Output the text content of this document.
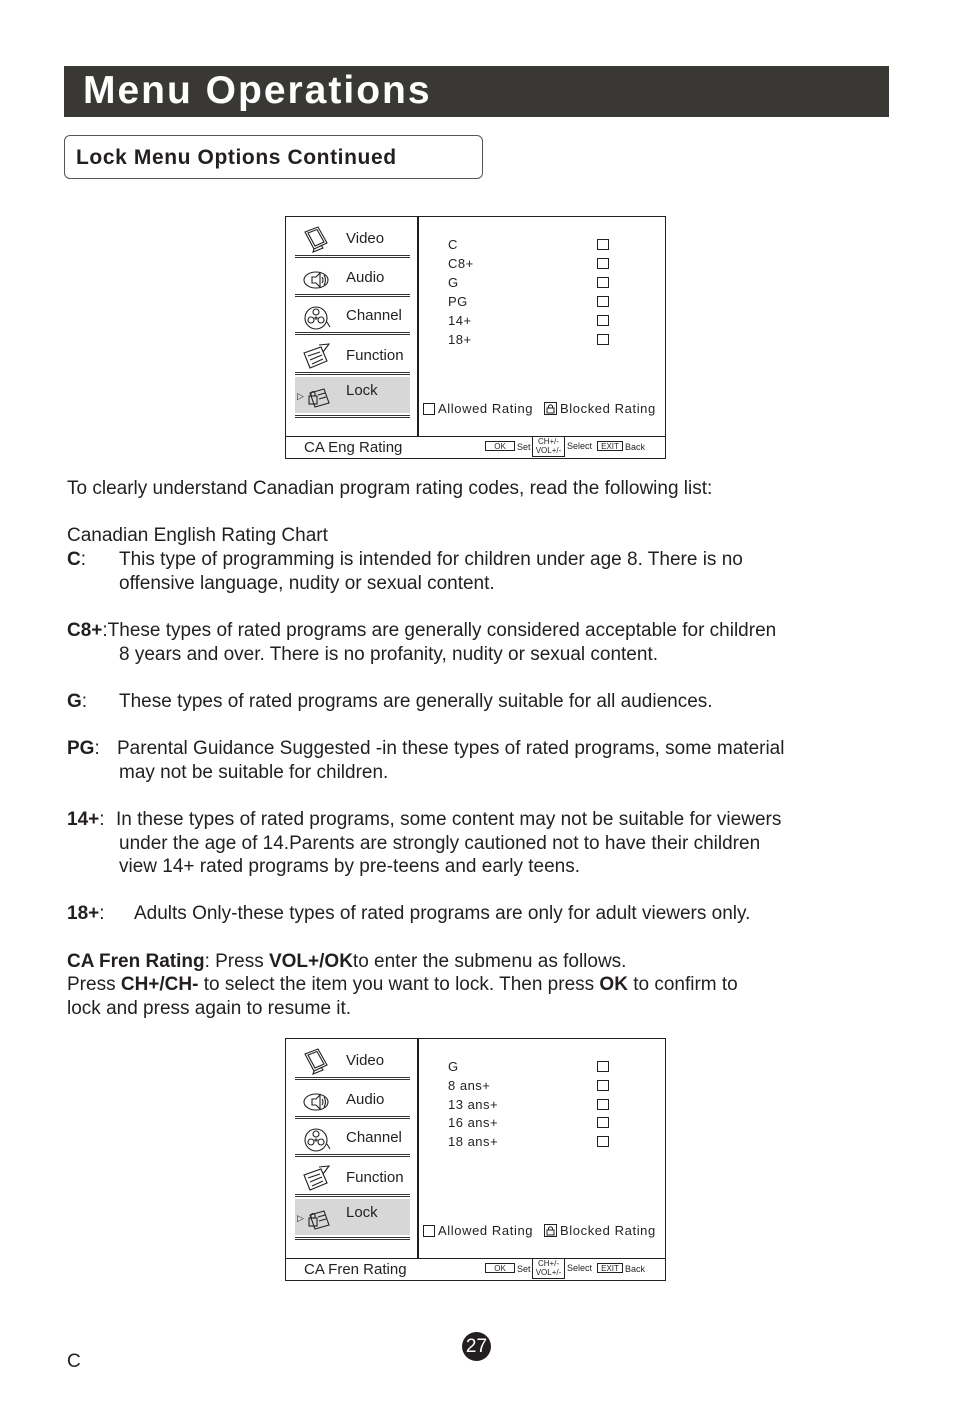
Menu Operations
Lock Menu Options Continued
Video
Audio
Channel
Function
▷	Lock
C
C8+
G
PG
14+
18+
Allowed Rating Blocked Rating
CA Eng Rating	OK	Set
CH+/-
VOL+/- Select	EXIT Back
To clearly understand Canadian program rating codes, read the following list:
Canadian English Rating Chart
C: This type of programming is intended for children under age 8. There is no
offensive language, nudity or sexual content.
C8+:These types of rated programs are generally considered acceptable for children
8 years and over. There is no profanity, nudity or sexual content.
G: These types of rated programs are generally suitable for all audiences.
PG: Parental Guidance Suggested -in these types of rated programs, some material
may not be suitable for children.
14+: In these types of rated programs, some content may not be suitable for viewers
under the age of 14.Parents are strongly cautioned not to have their children
view 14+ rated programs by pre-teens and early teens.
18+: Adults Only-these types of rated programs are only for adult viewers only.
CA Fren Rating: Press VOL+/OKto enter the submenu as follows.
Press CH+/CH- to select the item you want to lock. Then press OK to confirm to
lock and press again to resume it.
Video
Audio
Channel
Function
▷	Lock
G
8 ans+
13 ans+
16 ans+
18 ans+
Allowed Rating Blocked Rating
CA Fren Rating	OK	Set
CH+/-
VOL+/- Select	EXIT Back
27
C
